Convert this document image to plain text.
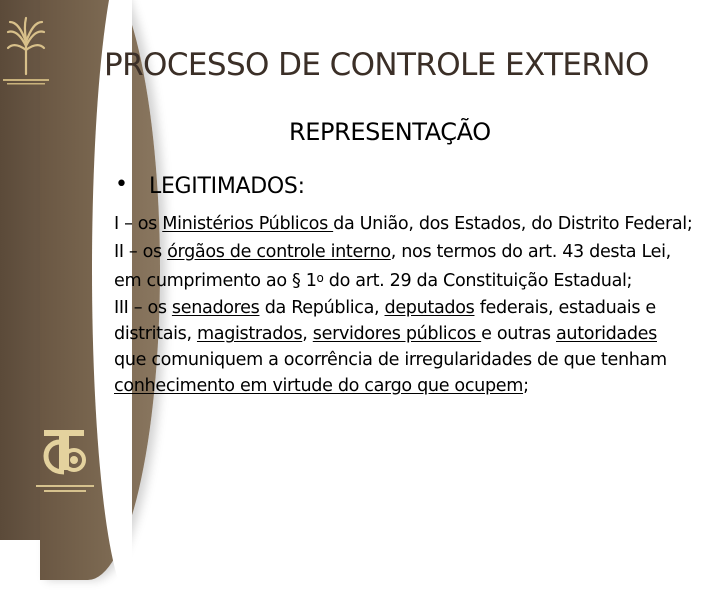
PROCESSO DE CONTROLE EXTERNO
REPRESENTAÇÃO
• LEGITIMADOS:
I – os Ministérios Públicos da União, dos Estados, do Distrito Federal;
II – os órgãos de controle interno, nos termos do art. 43 desta Lei, em cumprimento ao § 1$^o$ do art. 29 da Constituição Estadual;
III – os senadores da República, deputados federais, estaduais e distritais, magistrados, servidores públicos e outras autoridades que comuniquem a ocorrência de irregularidades de que tenham conhecimento em virtude do cargo que ocupem;
